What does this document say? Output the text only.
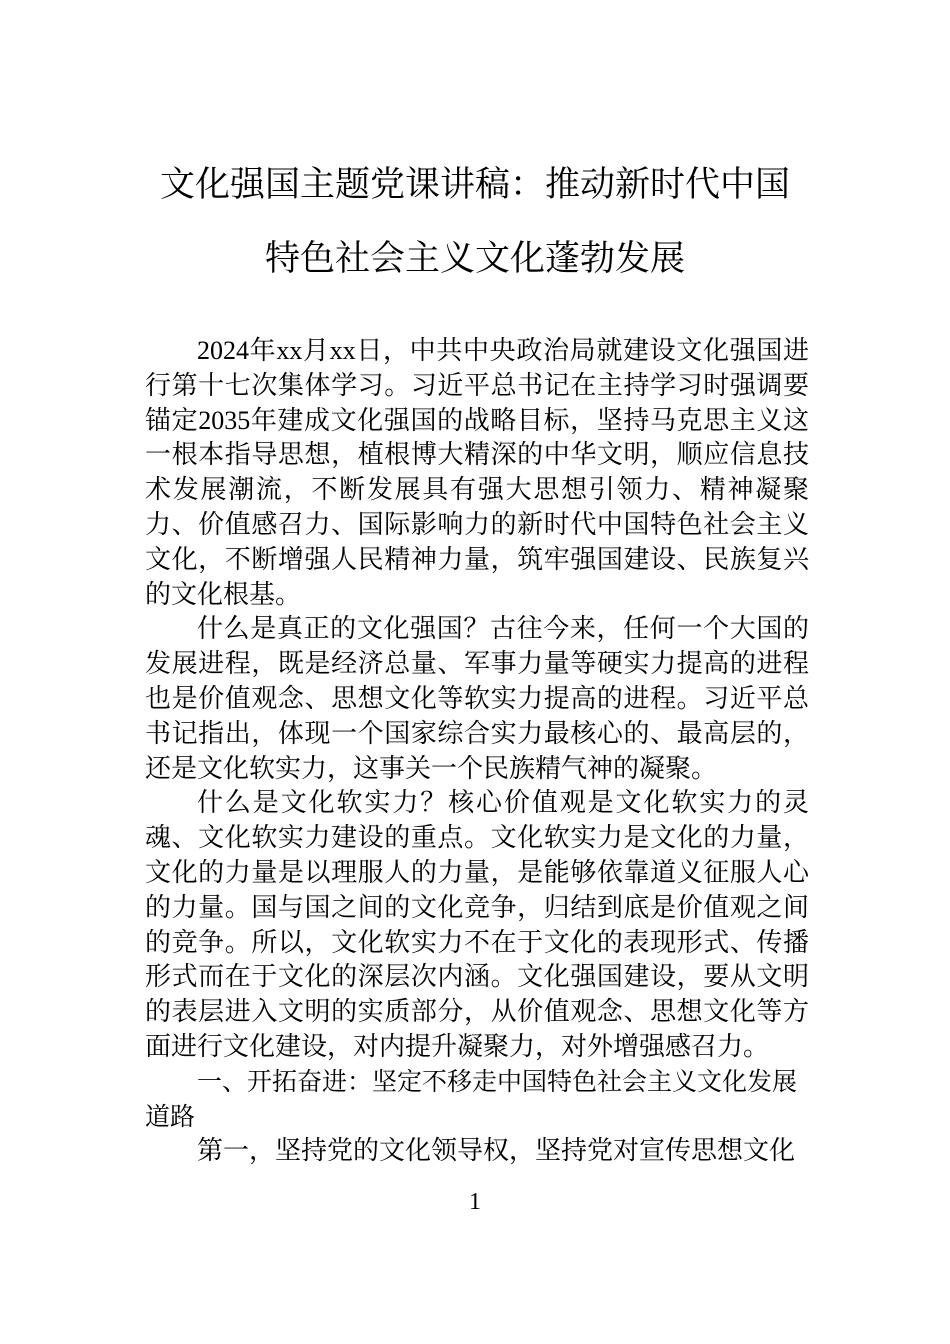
文化强国主题党课讲稿：推动新时代中国
特色社会主义文化蓬勃发展

2024年xx月xx日，中共中央政治局就建设文化强国进行第十七次集体学习。习近平总书记在主持学习时强调要锚定2035年建成文化强国的战略目标，坚持马克思主义这一根本指导思想，植根博大精深的中华文明，顺应信息技术发展潮流，不断发展具有强大思想引领力、精神凝聚力、价值感召力、国际影响力的新时代中国特色社会主义文化，不断增强人民精神力量，筑牢强国建设、民族复兴的文化根基。

什么是真正的文化强国？古往今来，任何一个大国的发展进程，既是经济总量、军事力量等硬实力提高的进程也是价值观念、思想文化等软实力提高的进程。习近平总书记指出，体现一个国家综合实力最核心的、最高层的，还是文化软实力，这事关一个民族精气神的凝聚。

什么是文化软实力？核心价值观是文化软实力的灵魂、文化软实力建设的重点。文化软实力是文化的力量，文化的力量是以理服人的力量，是能够依靠道义征服人心的力量。国与国之间的文化竞争，归结到底是价值观之间的竞争。所以，文化软实力不在于文化的表现形式、传播形式而在于文化的深层次内涵。文化强国建设，要从文明的表层进入文明的实质部分，从价值观念、思想文化等方面进行文化建设，对内提升凝聚力，对外增强感召力。

一、开拓奋进：坚定不移走中国特色社会主义文化发展道路

第一，坚持党的文化领导权，坚持党对宣传思想文化

1
